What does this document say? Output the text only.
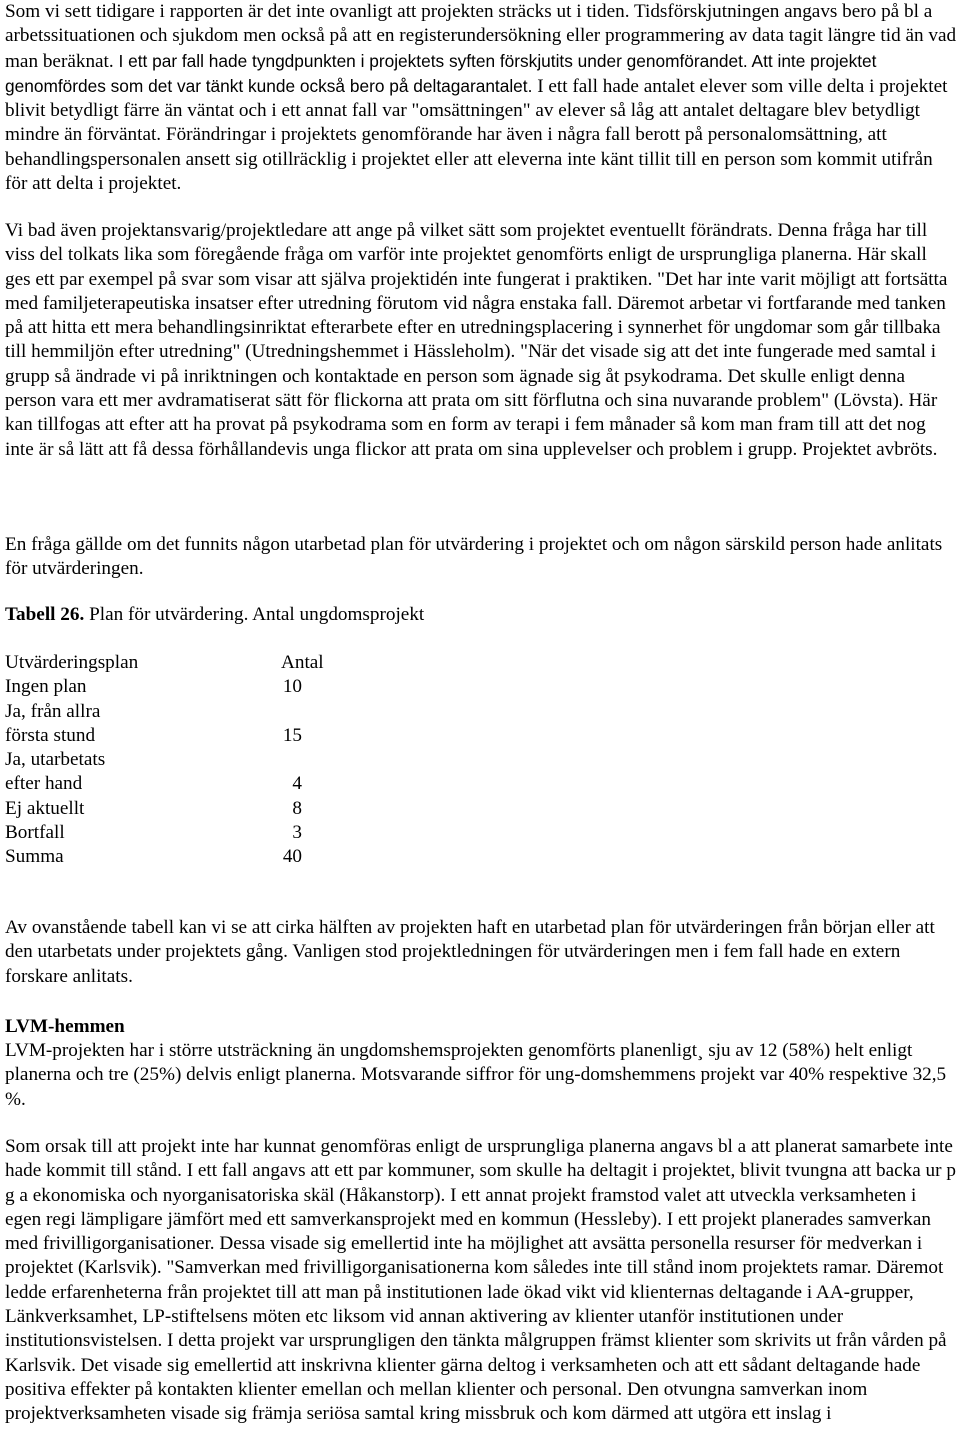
Som vi sett tidigare i rapporten är det inte ovanligt att projekten sträcks ut i tiden. Tidsförskjutningen angavs bero på bl a arbetssituationen och sjukdom men också på att en registerundersökning eller programmering av data tagit längre tid än vad man beräknat. I ett par fall hade tyngdpunkten i projektets syften förskjutits under genomförandet. Att inte projektet genomfördes som det var tänkt kunde också bero på deltagarantalet. I ett fall hade antalet elever som ville delta i projektet blivit betydligt färre än väntat och i ett annat fall var "omsättningen" av elever så låg att antalet deltagare blev betydligt mindre än förväntat. Förändringar i projektets genomförande har även i några fall berott på personalomsättning, att behandlingspersonalen ansett sig otillräcklig i projektet eller att eleverna inte känt tillit till en person som kommit utifrån för att delta i projektet.

Vi bad även projektansvarig/projektledare att ange på vilket sätt som projektet eventuellt förändrats. Denna fråga har till viss del tolkats lika som föregående fråga om varför inte projektet genomförts enligt de ursprungliga planerna. Här skall ges ett par exempel på svar som visar att själva projektidén inte fungerat i praktiken. "Det har inte varit möjligt att fortsätta med familjeterapeutiska insatser efter utredning förutom vid några enstaka fall. Däremot arbetar vi fortfarande med tanken på att hitta ett mera behandlingsinriktat efterarbete efter en utredningsplacering i synnerhet för ungdomar som går tillbaka till hemmiljön efter utredning" (Utredningshemmet i Hässleholm). "När det visade sig att det inte fungerade med samtal i grupp så ändrade vi på inriktningen och kontaktade en person som ägnade sig åt psykodrama. Det skulle enligt denna person vara ett mer avdramatiserat sätt för flickorna att prata om sitt förflutna och sina nuvarande problem" (Lövsta). Här kan tillfogas att efter att ha provat på psykodrama som en form av terapi i fem månader så kom man fram till att det nog inte är så lätt att få dessa förhållandevis unga flickor att prata om sina upplevelser och problem i grupp. Projektet avbröts.

En fråga gällde om det funnits någon utarbetad plan för utvärdering i projektet och om någon särskild person hade anlitats för utvärderingen.

Tabell 26. Plan för utvärdering. Antal ungdomsprojekt

Utvärderingsplan	Antal
Ingen plan	10
Ja, från allra
första stund	15
Ja, utarbetats
efter hand	4
Ej aktuellt	8
Bortfall	3
Summa	40

Av ovanstående tabell kan vi se att cirka hälften av projekten haft en utarbetad plan för utvärderingen från början eller att den utarbetats under projektets gång. Vanligen stod projektledningen för utvärderingen men i fem fall hade en extern forskare anlitats.

LVM-hemmen

LVM-projekten har i större utsträckning än ungdomshemsprojekten genomförts planenligt¸ sju av 12 (58%) helt enligt planerna och tre (25%) delvis enligt planerna. Motsvarande siffror för ung-domshemmens projekt var 40% respektive 32,5 %.

Som orsak till att projekt inte har kunnat genomföras enligt de ursprungliga planerna angavs bl a att planerat samarbete inte hade kommit till stånd. I ett fall angavs att ett par kommuner, som skulle ha deltagit i projektet, blivit tvungna att backa ur p g a ekonomiska och nyorganisatoriska skäl (Håkanstorp). I ett annat projekt framstod valet att utveckla verksamheten i egen regi lämpligare jämfört med ett samverkansprojekt med en kommun (Hessleby). I ett projekt planerades samverkan med frivilligorganisationer. Dessa visade sig emellertid inte ha möjlighet att avsätta personella resurser för medverkan i projektet (Karlsvik). "Samverkan med frivilligorganisationerna kom således inte till stånd inom projektets ramar. Däremot ledde erfarenheterna från projektet till att man på institutionen lade ökad vikt vid klienternas deltagande i AA-grupper, Länkverksamhet, LP-stiftelsens möten etc liksom vid annan aktivering av klienter utanför institutionen under institutionsvistelsen. I detta projekt var ursprungligen den tänkta målgruppen främst klienter som skrivits ut från vården på Karlsvik. Det visade sig emellertid att inskrivna klienter gärna deltog i verksamheten och att ett sådant deltagande hade positiva effekter på kontakten klienter emellan och mellan klienter och personal. Den otvungna samverkan inom projektverksamheten visade sig främja seriösa samtal kring missbruk och kom därmed att utgöra ett inslag i
